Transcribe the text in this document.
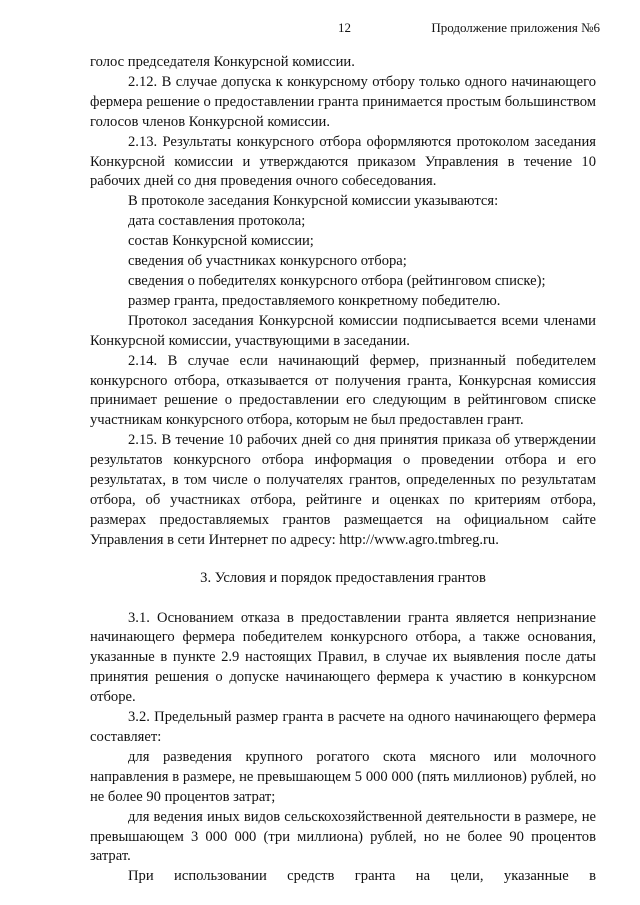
12	Продолжение приложения №6

голос председателя Конкурсной комиссии.

2.12. В случае допуска к конкурсному отбору только одного начинающего фермера решение о предоставлении гранта принимается простым большинством голосов членов Конкурсной комиссии.

2.13. Результаты конкурсного отбора оформляются протоколом заседания Конкурсной комиссии и утверждаются приказом Управления в течение 10 рабочих дней со дня проведения очного собеседования.

В протоколе заседания Конкурсной комиссии указываются:

дата составления протокола;

состав Конкурсной комиссии;

сведения об участниках конкурсного отбора;

сведения о победителях конкурсного отбора (рейтинговом списке);

размер гранта, предоставляемого конкретному победителю.

Протокол заседания Конкурсной комиссии подписывается всеми членами Конкурсной комиссии, участвующими в заседании.

2.14. В случае если начинающий фермер, признанный победителем конкурсного отбора, отказывается от получения гранта, Конкурсная комиссия принимает решение о предоставлении его следующим в рейтинговом списке участникам конкурсного отбора, которым не был предоставлен грант.

2.15. В течение 10 рабочих дней со дня принятия приказа об утверждении результатов конкурсного отбора информация о проведении отбора и его результатах, в том числе о получателях грантов, определенных по результатам отбора, об участниках отбора, рейтинге и оценках по критериям отбора, размерах предоставляемых грантов размещается на официальном сайте Управления в сети Интернет по адресу: http://www.agro.tmbreg.ru.

3. Условия и порядок предоставления грантов

3.1. Основанием отказа в предоставлении гранта является непризнание начинающего фермера победителем конкурсного отбора, а также основания, указанные в пункте 2.9 настоящих Правил, в случае их выявления после даты принятия решения о допуске начинающего фермера к участию в конкурсном отборе.

3.2. Предельный размер гранта в расчете на одного начинающего фермера составляет:

для разведения крупного рогатого скота мясного или молочного направления в размере, не превышающем 5 000 000 (пять миллионов) рублей, но не более 90 процентов затрат;

для ведения иных видов сельскохозяйственной деятельности в размере, не превышающем 3 000 000 (три миллиона) рублей, но не более 90 процентов затрат.

При использовании средств гранта на цели, указанные в
